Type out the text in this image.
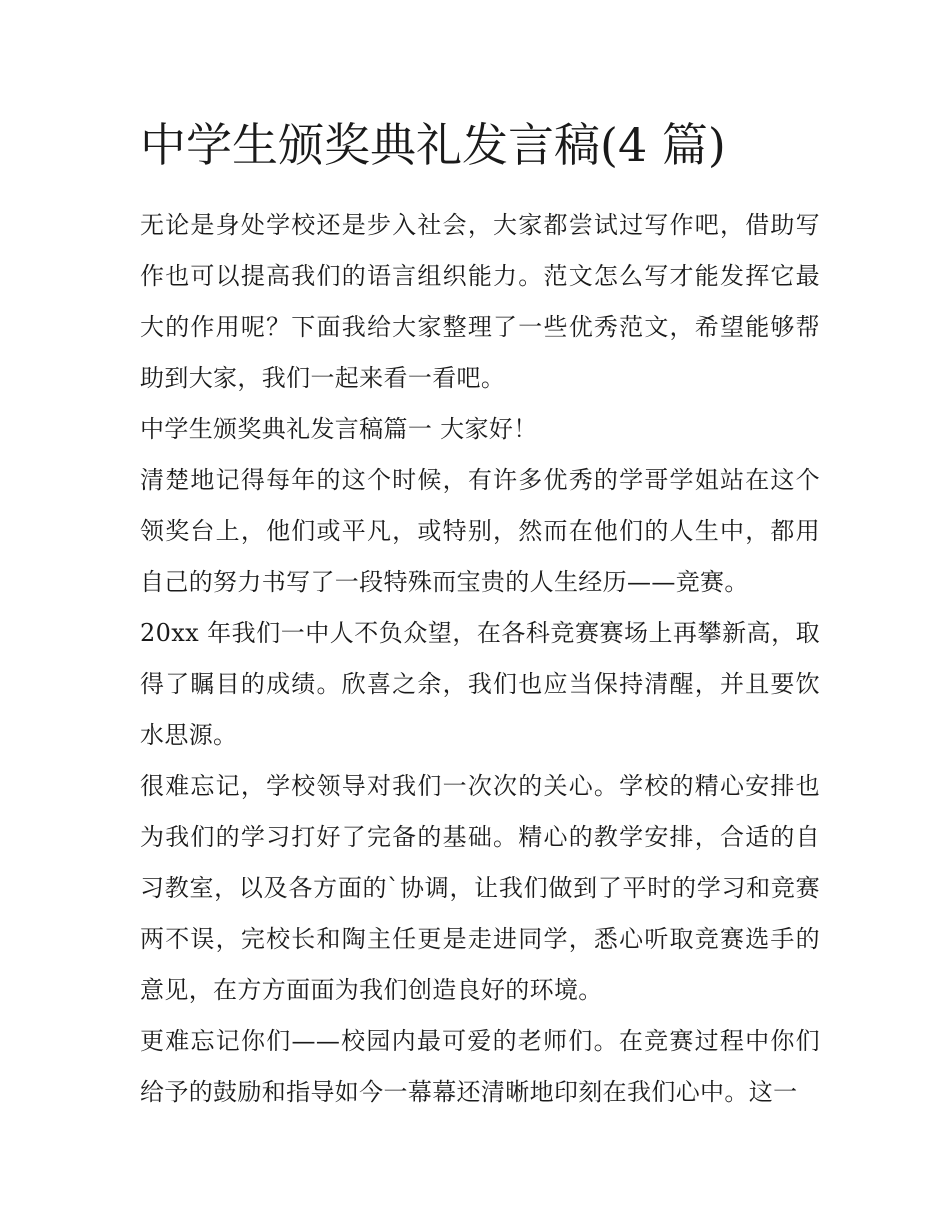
中学生颁奖典礼发言稿(4 篇)

无论是身处学校还是步入社会，大家都尝试过写作吧，借助写作也可以提高我们的语言组织能力。范文怎么写才能发挥它最大的作用呢？下面我给大家整理了一些优秀范文，希望能够帮助到大家，我们一起来看一看吧。

中学生颁奖典礼发言稿篇一 大家好！

清楚地记得每年的这个时候，有许多优秀的学哥学姐站在这个领奖台上，他们或平凡，或特别，然而在他们的人生中，都用自己的努力书写了一段特殊而宝贵的人生经历——竞赛。

20xx 年我们一中人不负众望，在各科竞赛赛场上再攀新高，取得了瞩目的成绩。欣喜之余，我们也应当保持清醒，并且要饮水思源。

很难忘记，学校领导对我们一次次的关心。学校的精心安排也为我们的学习打好了完备的基础。精心的教学安排，合适的自习教室，以及各方面的`协调，让我们做到了平时的学习和竞赛两不误，完校长和陶主任更是走进同学，悉心听取竞赛选手的意见，在方方面面为我们创造良好的环境。

更难忘记你们——校园内最可爱的老师们。在竞赛过程中你们给予的鼓励和指导如今一幕幕还清晰地印刻在我们心中。这一
